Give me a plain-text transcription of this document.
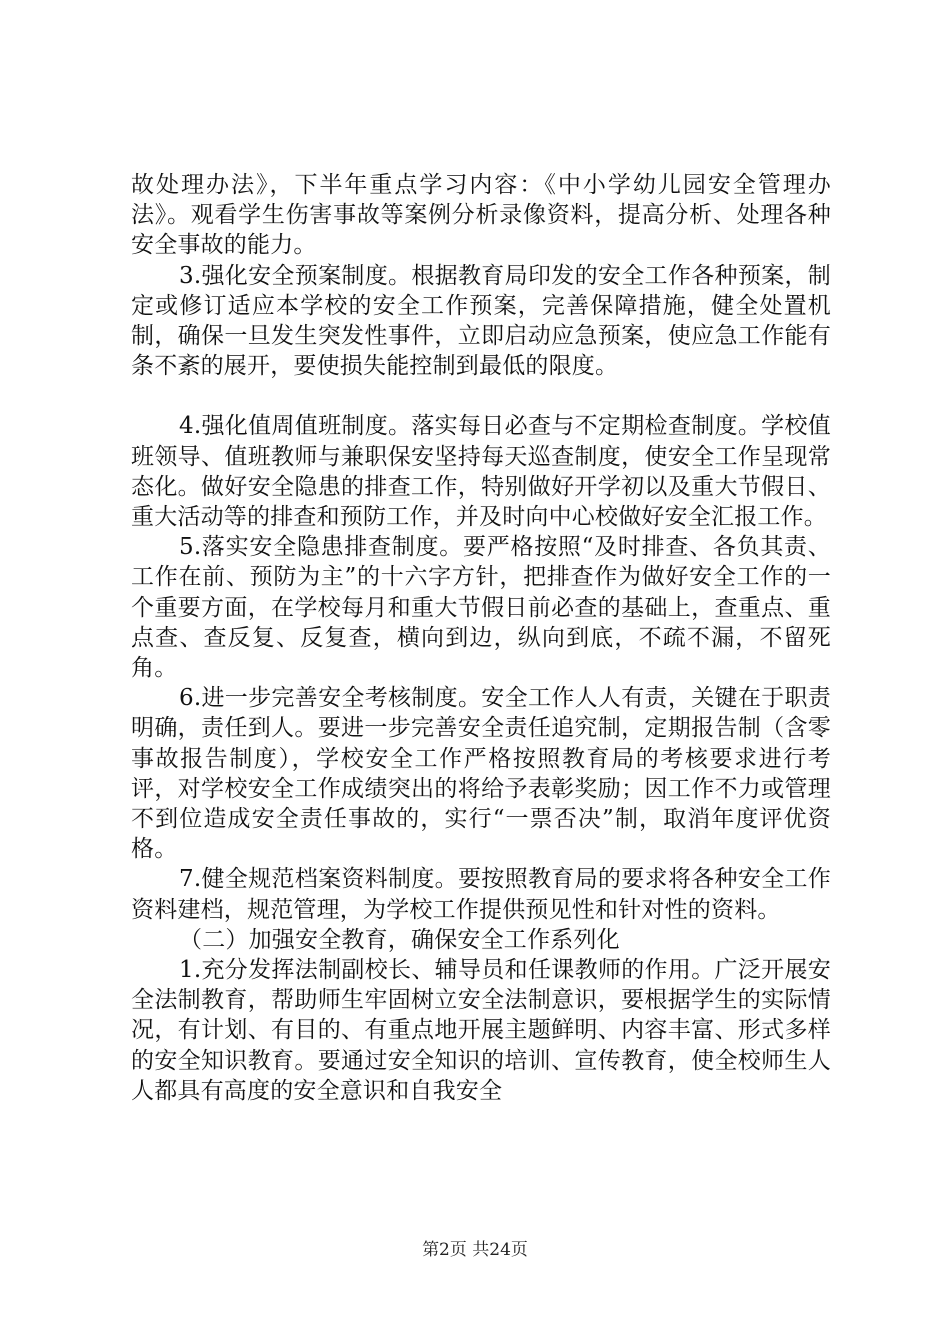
故处理办法》，下半年重点学习内容：《中小学幼儿园安全管理办法》。观看学生伤害事故等案例分析录像资料，提高分析、处理各种安全事故的能力。

3.强化安全预案制度。根据教育局印发的安全工作各种预案，制定或修订适应本学校的安全工作预案，完善保障措施，健全处置机制，确保一旦发生突发性事件，立即启动应急预案，使应急工作能有条不紊的展开，要使损失能控制到最低的限度。

4.强化值周值班制度。落实每日必查与不定期检查制度。学校值班领导、值班教师与兼职保安坚持每天巡查制度，使安全工作呈现常态化。做好安全隐患的排查工作，特别做好开学初以及重大节假日、重大活动等的排查和预防工作，并及时向中心校做好安全汇报工作。

5.落实安全隐患排查制度。要严格按照“及时排查、各负其责、工作在前、预防为主”的十六字方针，把排查作为做好安全工作的一个重要方面，在学校每月和重大节假日前必查的基础上，查重点、重点查、查反复、反复查，横向到边，纵向到底，不疏不漏，不留死角。

6.进一步完善安全考核制度。安全工作人人有责，关键在于职责明确，责任到人。要进一步完善安全责任追究制，定期报告制（含零事故报告制度），学校安全工作严格按照教育局的考核要求进行考评，对学校安全工作成绩突出的将给予表彰奖励；因工作不力或管理不到位造成安全责任事故的，实行“一票否决”制，取消年度评优资格。

7.健全规范档案资料制度。要按照教育局的要求将各种安全工作资料建档，规范管理，为学校工作提供预见性和针对性的资料。

（二）加强安全教育，确保安全工作系列化

1.充分发挥法制副校长、辅导员和任课教师的作用。广泛开展安全法制教育，帮助师生牢固树立安全法制意识，要根据学生的实际情况，有计划、有目的、有重点地开展主题鲜明、内容丰富、形式多样的安全知识教育。要通过安全知识的培训、宣传教育，使全校师生人人都具有高度的安全意识和自我安全

第2页 共24页
